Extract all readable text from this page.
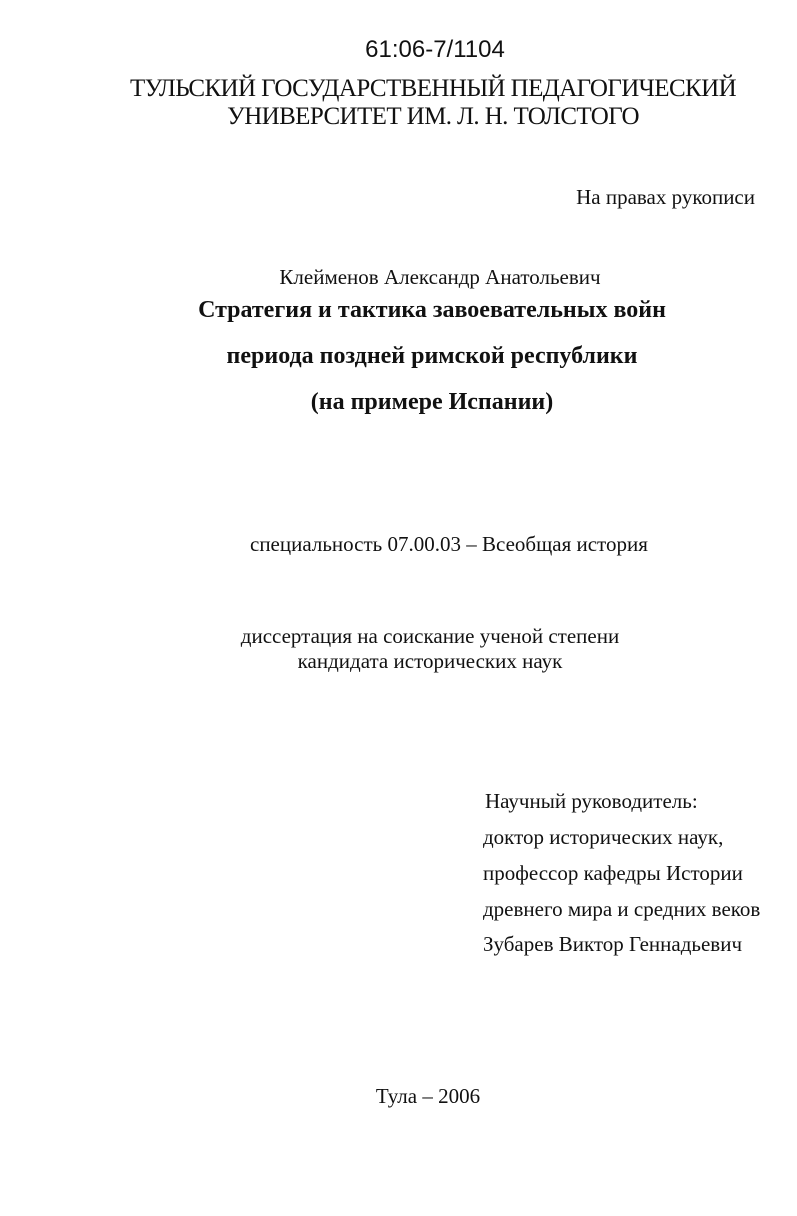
61:06-7/1104
ТУЛЬСКИЙ ГОСУДАРСТВЕННЫЙ ПЕДАГОГИЧЕСКИЙ
УНИВЕРСИТЕТ ИМ. Л. Н. ТОЛСТОГО
На правах рукописи
Клейменов Александр Анатольевич
Стратегия и тактика завоевательных войн
периода поздней римской республики
(на примере Испании)
специальность 07.00.03 – Всеобщая история
диссертация на соискание ученой степени
кандидата исторических наук
Научный руководитель:
доктор исторических наук,
профессор кафедры Истории
древнего мира и средних веков
Зубарев Виктор Геннадьевич
Тула – 2006
